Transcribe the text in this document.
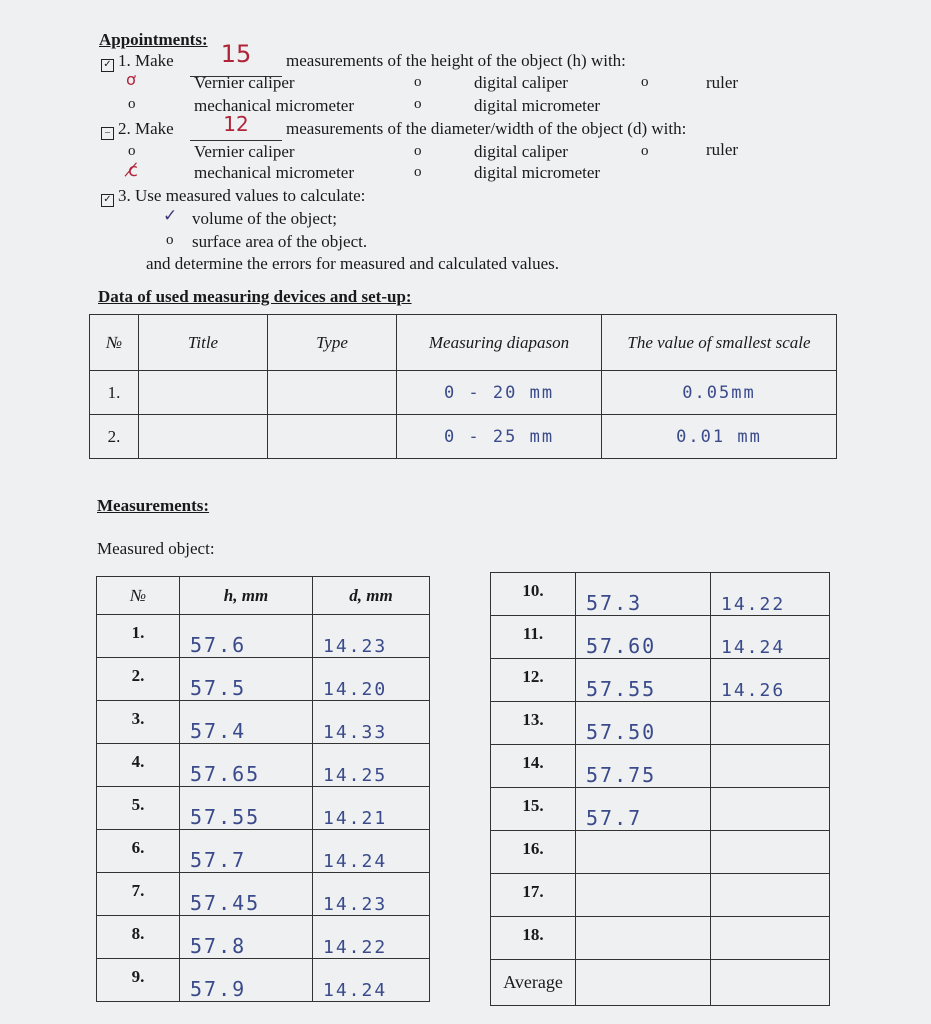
Appointments:
✓ 1. Make	15	measurements of the height of the object (h) with:
ơ	Vernier caliper	o	digital caliper	o	ruler
o	mechanical micrometer	o	digital micrometer
– 2. Make	12	measurements of the diameter/width of the object (d) with:
o	Vernier caliper	o	digital caliper	o	ruler
ⅽ̸	mechanical micrometer	o	digital micrometer
✓ 3. Use measured values to calculate:
✓ volume of the object;
o surface area of the object.
and determine the errors for measured and calculated values.
Data of used measuring devices and set-up:
№	Title	Type	Measuring diapason	The value of smallest scale
1.			0 - 20 mm	0.05mm
2.			0 - 25 mm	0.01 mm
Measurements:
Measured object:
№	h, mm	d, mm
1.	57.6	14.23
2.	57.5	14.20
3.	57.4	14.33
4.	57.65	14.25
5.	57.55	14.21
6.	57.7	14.24
7.	57.45	14.23
8.	57.8	14.22
9.	57.9	14.24
10.	57.3	14.22
11.	57.60	14.24
12.	57.55	14.26
13.	57.50	
14.	57.75	
15.	57.7	
16.		
17.		
18.		
Average		
